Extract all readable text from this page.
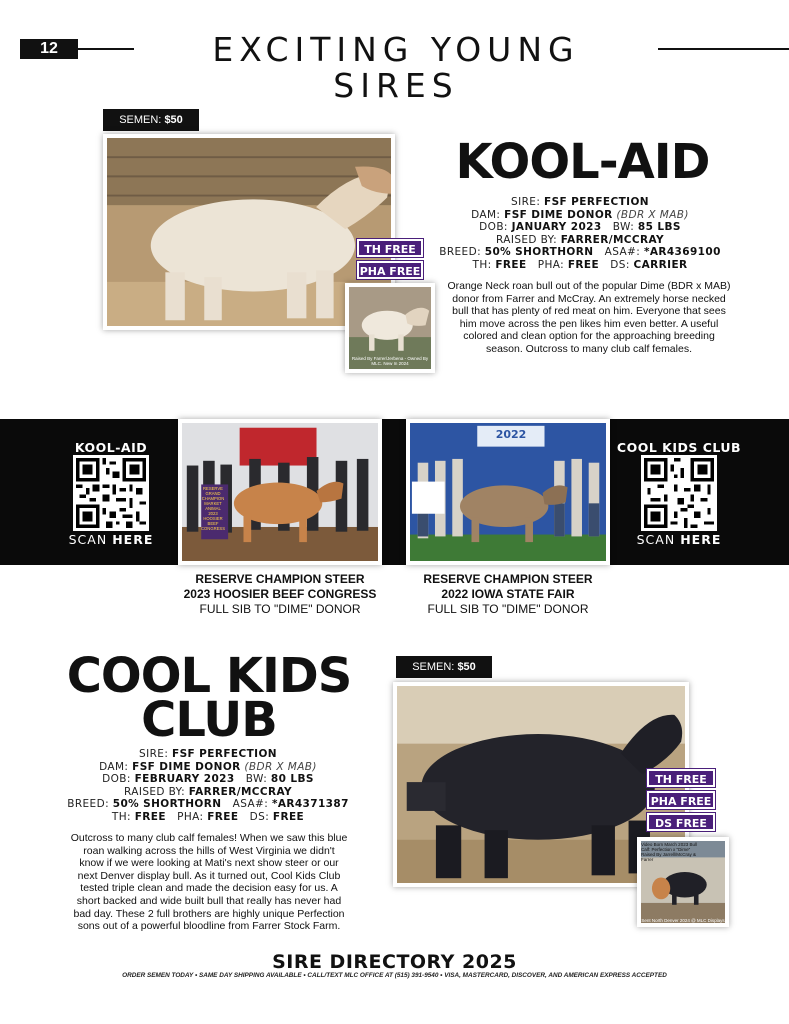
12	EXCITING YOUNG SIRES
SEMEN: $50
TH FREE
PHA FREE
Raised By Farrer/Jerbena - Owned By MLC. New In 2024
KOOL-AID
SIRE: FSF PERFECTION
DAM: FSF DIME DONOR (BDR X MAB)
DOB: JANUARY 2023 BW: 85 LBS
RAISED BY: FARRER/MCCRAY
BREED: 50% SHORTHORN ASA#: *AR4369100
TH: FREE PHA: FREE DS: CARRIER
Orange Neck roan bull out of the popular Dime (BDR x MAB) donor from Farrer and McCray. An extremely horse necked bull that has plenty of red meat on him. Everyone that sees him move across the pen likes him even better. A useful colored and clean option for the approaching breeding season. Outcross to many club calf females.
KOOL-AID
SCAN HERE
RESERVE
GRAND
CHAMPION
MARKET
ANIMAL
2023
HOOSIER
BEEF
CONGRESS
2022
COOL KIDS CLUB
SCAN HERE
RESERVE CHAMPION STEER
2023 HOOSIER BEEF CONGRESS
FULL SIB TO "DIME" DONOR
RESERVE CHAMPION STEER
2022 IOWA STATE FAIR
FULL SIB TO "DIME" DONOR
COOL KIDS
CLUB
SIRE: FSF PERFECTION
DAM: FSF DIME DONOR (BDR X MAB)
DOB: FEBRUARY 2023 BW: 80 LBS
RAISED BY: FARRER/MCCRAY
BREED: 50% SHORTHORN ASA#: *AR4371387
TH: FREE PHA: FREE DS: FREE
Outcross to many club calf females! When we saw this blue roan walking across the hills of West Virginia we didn't know if we were looking at Mati's next show steer or our next Denver display bull. As it turned out, Cool Kids Club tested triple clean and made the decision easy for us. A short backed and wide built bull that really has never had bad day. These 2 full brothers are highly unique Perfection sons out of a powerful bloodline from Farrer Stock Farm.
SEMEN: $50
TH FREE
PHA FREE
DS FREE
Video Born March 2023 Bull Calf: Perfection x "Dime" Raised By Jarrell/McCray & Farrer
Sent North Denver 2024 @ MLC Displays
SIRE DIRECTORY 2025
ORDER SEMEN TODAY • SAME DAY SHIPPING AVAILABLE • CALL/TEXT MLC OFFICE AT (515) 391-9540 • VISA, MASTERCARD, DISCOVER, AND AMERICAN EXPRESS ACCEPTED
